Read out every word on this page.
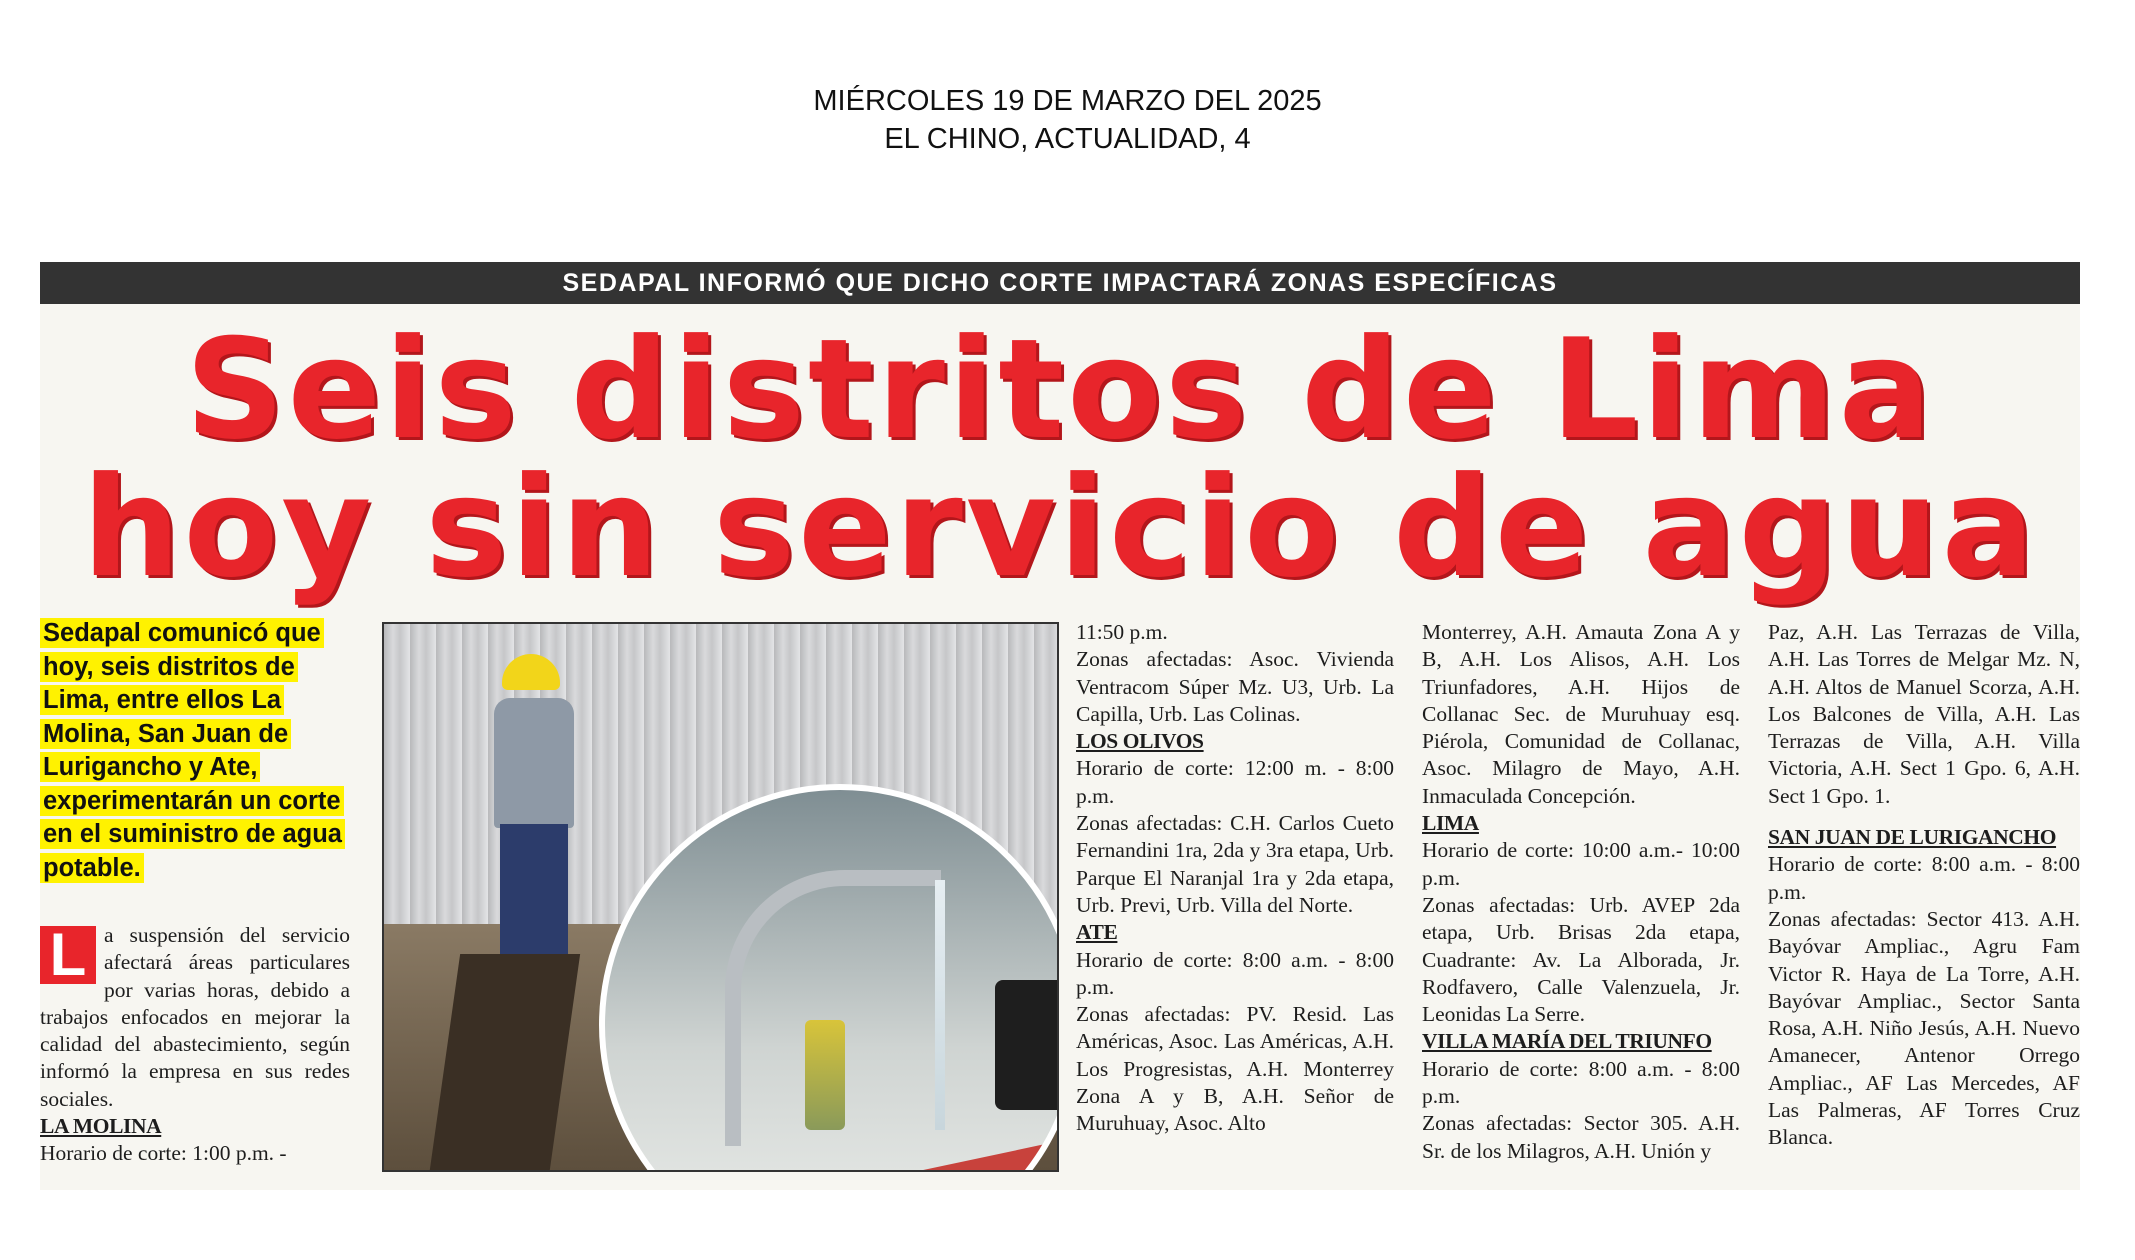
MIÉRCOLES 19 DE MARZO DEL 2025
EL CHINO, ACTUALIDAD, 4
SEDAPAL INFORMÓ QUE DICHO CORTE IMPACTARÁ ZONAS ESPECÍFICAS
Seis distritos de Lima
hoy sin servicio de agua
Sedapal comunicó que hoy, seis distritos de Lima, entre ellos La Molina, San Juan de Lurigancho y Ate, experimentarán un corte en el suministro de agua potable.

L a suspensión del servicio afectará áreas particulares por varias horas, debido a trabajos enfocados en mejorar la calidad del abastecimiento, según informó la empresa en sus redes sociales.

LA MOLINA

Horario de corte: 1:00 p.m. -

11:50 p.m.

Zonas afectadas: Asoc. Vivienda Ventracom Súper Mz. U3, Urb. La Capilla, Urb. Las Colinas.

LOS OLIVOS

Horario de corte: 12:00 m. - 8:00 p.m.

Zonas afectadas: C.H. Carlos Cueto Fernandini 1ra, 2da y 3ra etapa, Urb. Parque El Naranjal 1ra y 2da etapa, Urb. Previ, Urb. Villa del Norte.

ATE

Horario de corte: 8:00 a.m. - 8:00 p.m.

Zonas afectadas: PV. Resid. Las Américas, Asoc. Las Américas, A.H. Los Progresistas, A.H. Monterrey Zona A y B, A.H. Señor de Muruhuay, Asoc. Alto

Monterrey, A.H. Amauta Zona A y B, A.H. Los Alisos, A.H. Los Triunfadores, A.H. Hijos de Collanac Sec. de Muruhuay esq. Piérola, Comunidad de Collanac, Asoc. Milagro de Mayo, A.H. Inmaculada Concepción.

LIMA

Horario de corte: 10:00 a.m.- 10:00 p.m.

Zonas afectadas: Urb. AVEP 2da etapa, Urb. Brisas 2da etapa, Cuadrante: Av. La Alborada, Jr. Rodfavero, Calle Valenzuela, Jr. Leonidas La Serre.

VILLA MARÍA DEL TRIUNFO

Horario de corte: 8:00 a.m. - 8:00 p.m.

Zonas afectadas: Sector 305. A.H. Sr. de los Milagros, A.H. Unión y

Paz, A.H. Las Terrazas de Villa, A.H. Las Torres de Melgar Mz. N, A.H. Altos de Manuel Scorza, A.H. Los Balcones de Villa, A.H. Las Terrazas de Villa, A.H. Villa Victoria, A.H. Sect 1 Gpo. 6, A.H. Sect 1 Gpo. 1.

SAN JUAN DE LURIGANCHO

Horario de corte: 8:00 a.m. - 8:00 p.m.

Zonas afectadas: Sector 413. A.H. Bayóvar Ampliac., Agru Fam Victor R. Haya de La Torre, A.H. Bayóvar Ampliac., Sector Santa Rosa, A.H. Niño Jesús, A.H. Nuevo Amanecer, Antenor Orrego Ampliac., AF Las Mercedes, AF Las Palmeras, AF Torres Cruz Blanca.
